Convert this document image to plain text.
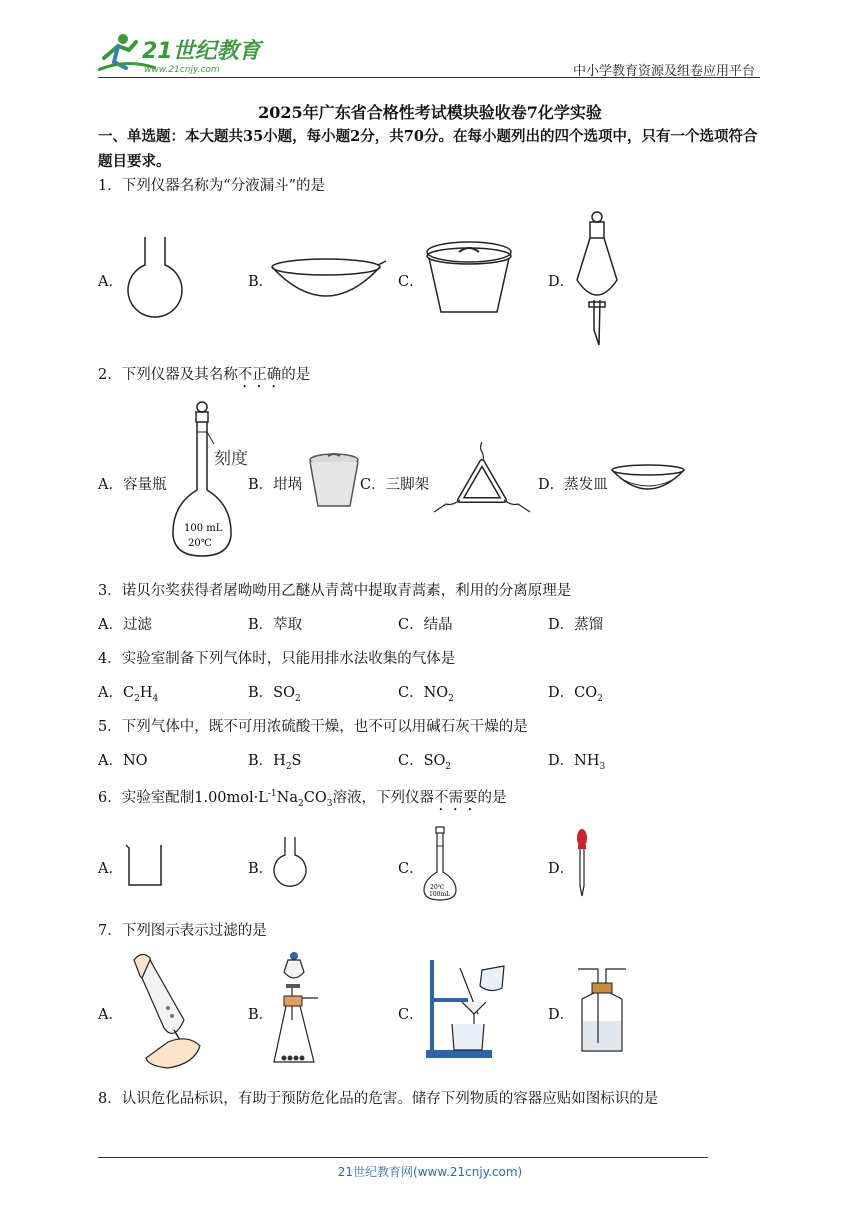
21世纪教育
www.21cnjy.com	中小学教育资源及组卷应用平台
2025年广东省合格性考试模块验收卷7化学实验
一、单选题：本大题共35小题，每小题2分，共70分。在每小题列出的四个选项中，只有一个选项符合题目要求。
1．下列仪器名称为“分液漏斗”的是
A．	B．	C．	D．
2．下列仪器及其名称不正确的是
A．容量瓶	B．坩埚	C．三脚架	D．蒸发皿
100 mL
20℃
刻度
3．诺贝尔奖获得者屠呦呦用乙醚从青蒿中提取青蒿素，利用的分离原理是
A．过滤	B．萃取	C．结晶	D．蒸馏
4．实验室制备下列气体时，只能用排水法收集的气体是
A．$C_2H_4$	B．$SO_2$	C．$NO_2$	D．$CO_2$
5．下列气体中，既不可用浓硫酸干燥，也不可以用碱石灰干燥的是
A．NO	B．$H_2S$	C．$SO_2$	D．$NH_3$
6．实验室配制$1.00mol\cdot L^{-1}Na_2CO_3$溶液，下列仪器不需要的是
A．	B．	C．	D．
20℃
100mL
7．下列图示表示过滤的是
A．	B．	C．	D．
8．认识危化品标识，有助于预防危化品的危害。储存下列物质的容器应贴如图标识的是
21世纪教育网(www.21cnjy.com)
